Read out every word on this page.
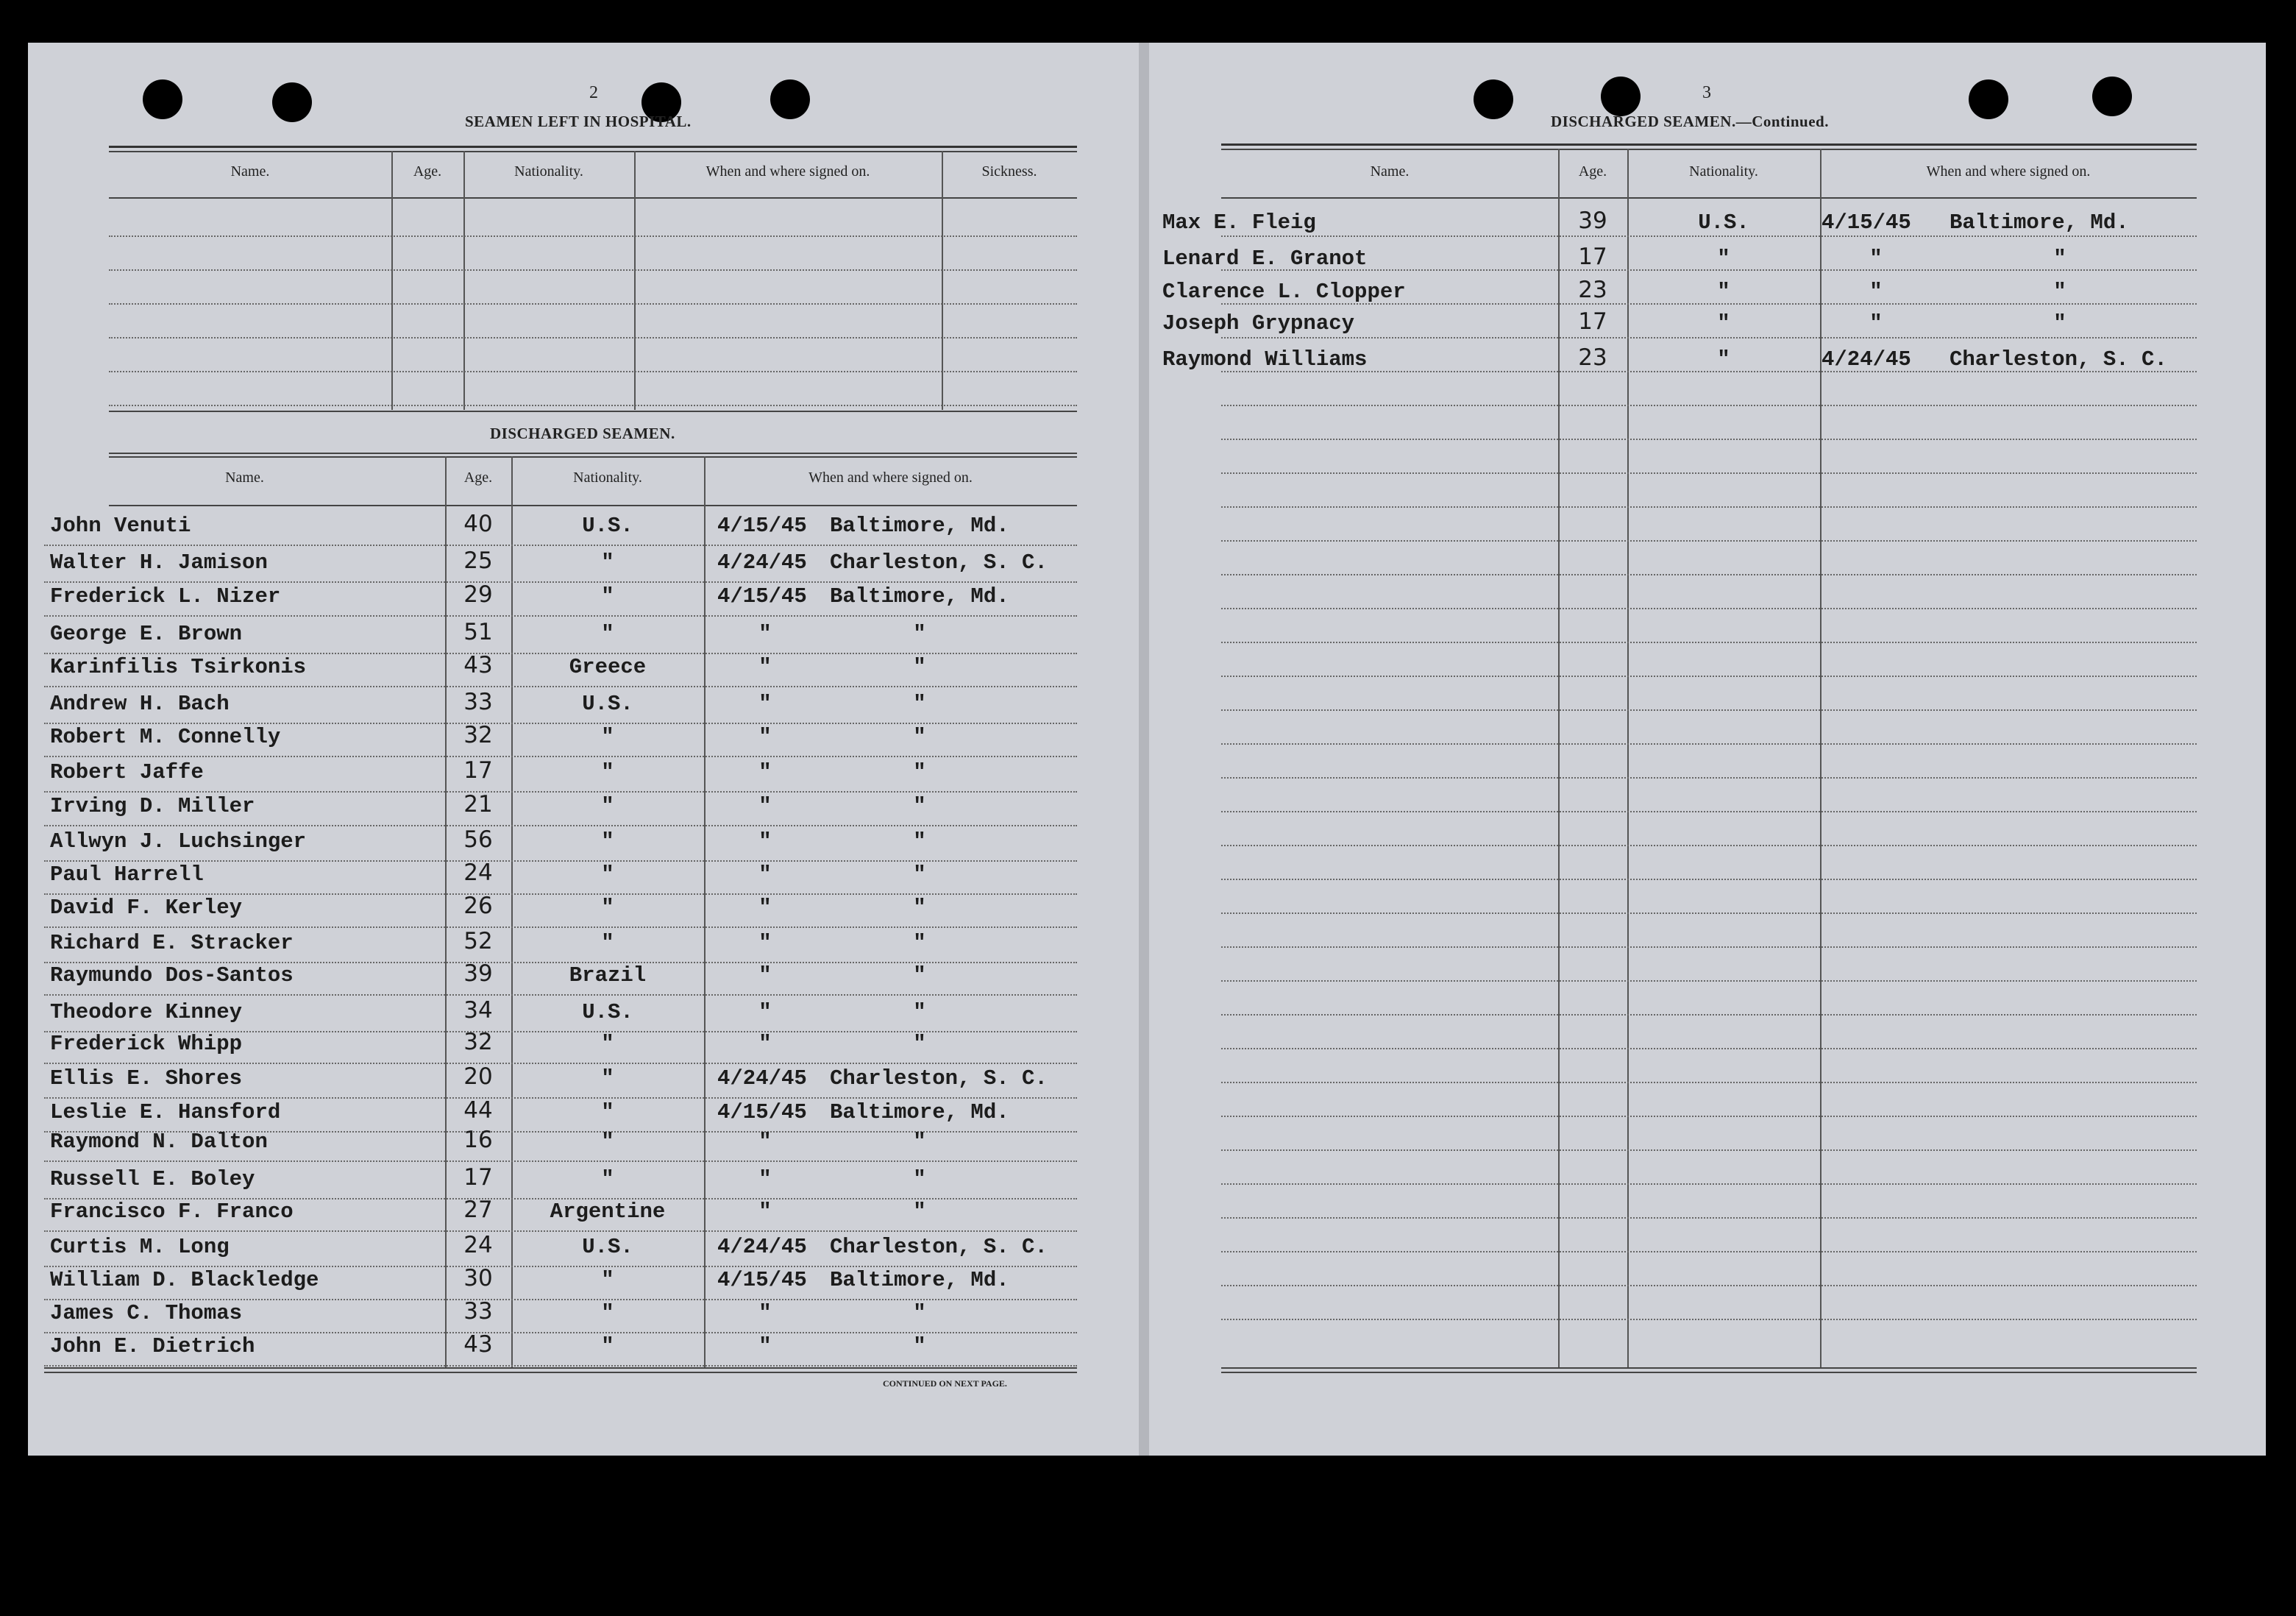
2
SEAMEN LEFT IN HOSPITAL.
Name.	Age.	Nationality.	When and where signed on.	Sickness.
DISCHARGED SEAMEN.
Name.	Age.	Nationality.	When and where signed on.
John Venuti	40	U.S.	4/15/45 Baltimore, Md.
Walter H. Jamison	25	"	4/24/45 Charleston, S. C.
Frederick L. Nizer	29	"	4/15/45 Baltimore, Md.
George E. Brown	51	"	"	"
Karinfilis Tsirkonis	43	Greece	"	"
Andrew H. Bach	33	U.S.	"	"
Robert M. Connelly	32	"	"	"
Robert Jaffe	17	"	"	"
Irving D. Miller	21	"	"	"
Allwyn J. Luchsinger	56	"	"	"
Paul Harrell	24	"	"	"
David F. Kerley	26	"	"	"
Richard E. Stracker	52	"	"	"
Raymundo Dos-Santos	39	Brazil	"	"
Theodore Kinney	34	U.S.	"	"
Frederick Whipp	32	"	"	"
Ellis E. Shores	20	"	4/24/45 Charleston, S. C.
Leslie E. Hansford	44	"	4/15/45 Baltimore, Md.
Raymond N. Dalton	16	"	"	"
Russell E. Boley	17	"	"	"
Francisco F. Franco	27	Argentine	"	"
Curtis M. Long	24	U.S.	4/24/45 Charleston, S. C.
William D. Blackledge	30	"	4/15/45 Baltimore, Md.
James C. Thomas	33	"	"	"
John E. Dietrich	43	"	"	"
CONTINUED ON NEXT PAGE.
3
DISCHARGED SEAMEN.—Continued.
Name.	Age.	Nationality.	When and where signed on.
Max E. Fleig	39	U.S.	4/15/45 Baltimore, Md.
Lenard E. Granot	17	"	"	"
Clarence L. Clopper	23	"	"	"
Joseph Grypnacy	17	"	"	"
Raymond Williams	23	"	4/24/45 Charleston, S. C.
